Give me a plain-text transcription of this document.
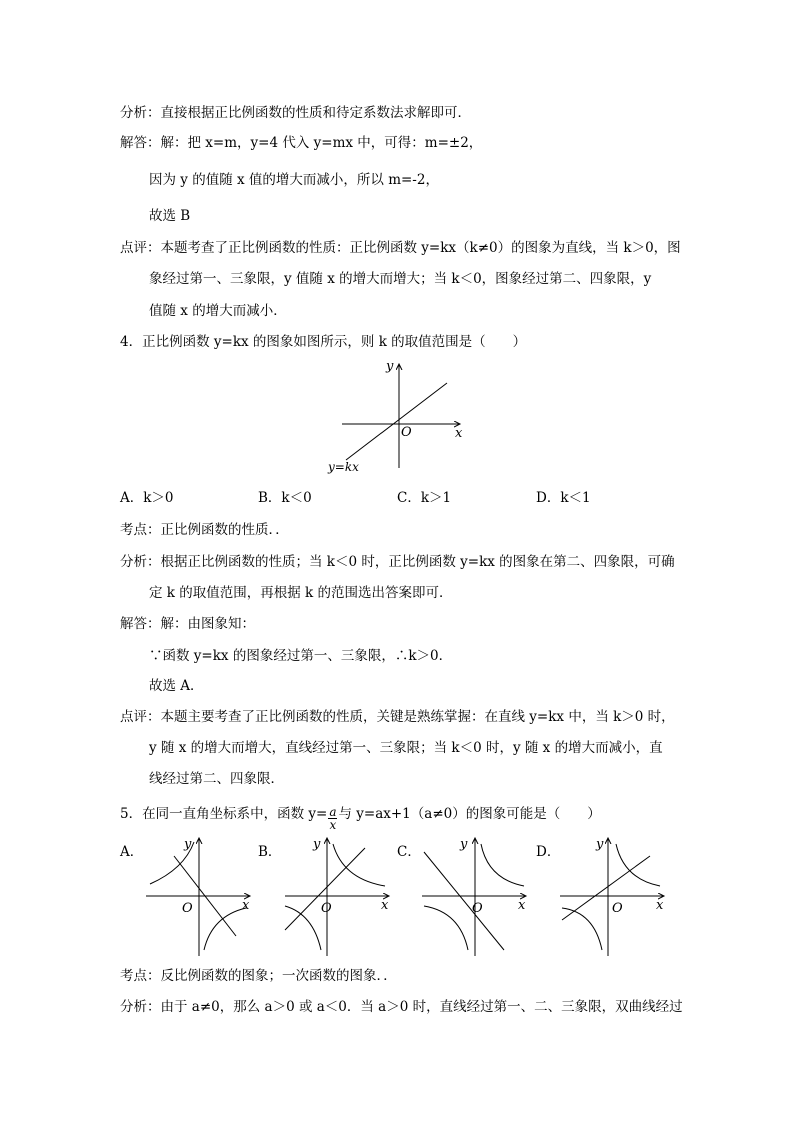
分析：直接根据正比例函数的性质和待定系数法求解即可．
解答：解：把 x=m，y=4 代入 y=mx 中，可得：m=±2，
因为 y 的值随 x 值的增大而减小，所以 m=-2，
故选 B
点评：本题考查了正比例函数的性质：正比例函数 y=kx（k≠0）的图象为直线，当 k＞0，图
象经过第一、三象限，y 值随 x 的增大而增大；当 k＜0，图象经过第二、四象限，y
值随 x 的增大而减小．
4．正比例函数 y=kx 的图象如图所示，则 k 的取值范围是（　　）
y
x
O
y=kx
A．k＞0	B．k＜0	C．k＞1	D．k＜1
考点：正比例函数的性质．．
分析：根据正比例函数的性质；当 k＜0 时，正比例函数 y=kx 的图象在第二、四象限，可确
定 k 的取值范围，再根据 k 的范围选出答案即可．
解答：解：由图象知：
∵函数 y=kx 的图象经过第一、三象限，∴k＞0．
故选 A．
点评：本题主要考查了正比例函数的性质，关键是熟练掌握：在直线 y=kx 中，当 k＞0 时，
y 随 x 的增大而增大，直线经过第一、三象限；当 k＜0 时，y 随 x 的增大而减小，直
线经过第二、四象限．
5．在同一直角坐标系中，函数 $y= \frac{a}{x}$ 与 y=ax+1（a≠0）的图象可能是（　　）
A．	B．	C．	D．
y
x
O
y
x
O
y
x
O
y
x
O
考点：反比例函数的图象；一次函数的图象．．
分析：由于 a≠0，那么 a＞0 或 a＜0．当 a＞0 时，直线经过第一、二、三象限，双曲线经过
